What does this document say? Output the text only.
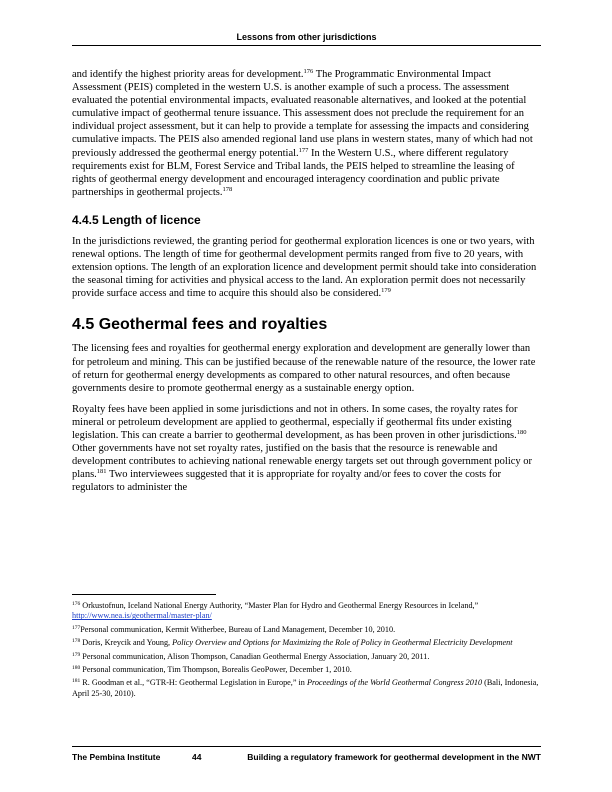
Lessons from other jurisdictions

and identify the highest priority areas for development.$^{176}$ The Programmatic Environmental Impact Assessment (PEIS) completed in the western U.S. is another example of such a process. The assessment evaluated the potential environmental impacts, evaluated reasonable alternatives, and looked at the potential cumulative impact of geothermal tenure issuance. This assessment does not preclude the requirement for an individual project assessment, but it can help to provide a template for assessing the impacts and considering cumulative impacts. The PEIS also amended regional land use plans in western states, many of which had not previously addressed the geothermal energy potential.$^{177}$ In the Western U.S., where different regulatory requirements exist for BLM, Forest Service and Tribal lands, the PEIS helped to streamline the leasing of rights of geothermal energy development and encouraged interagency coordination and public private partnerships in geothermal projects.$^{178}$

4.4.5 Length of licence

In the jurisdictions reviewed, the granting period for geothermal exploration licences is one or two years, with renewal options. The length of time for geothermal development permits ranged from five to 20 years, with extension options. The length of an exploration licence and development permit should take into consideration the seasonal timing for activities and physical access to the land. An exploration permit does not necessarily provide surface access and time to acquire this should also be considered.$^{179}$

4.5 Geothermal fees and royalties

The licensing fees and royalties for geothermal energy exploration and development are generally lower than for petroleum and mining. This can be justified because of the renewable nature of the resource, the lower rate of return for geothermal energy developments as compared to other natural resources, and often because governments desire to promote geothermal energy as a sustainable energy option.

Royalty fees have been applied in some jurisdictions and not in others. In some cases, the royalty rates for mineral or petroleum development are applied to geothermal, especially if geothermal fits under existing legislation. This can create a barrier to geothermal development, as has been proven in other jurisdictions.$^{180}$ Other governments have not set royalty rates, justified on the basis that the resource is renewable and development contributes to achieving national renewable energy targets set out through government policy or plans.$^{181}$ Two interviewees suggested that it is appropriate for royalty and/or fees to cover the costs for regulators to administer the

$^{176}$ Orkustofnun, Iceland National Energy Authority, “Master Plan for Hydro and Geothermal Energy Resources in Iceland,” http://www.nea.is/geothermal/master-plan/

$^{177}$Personal communication, Kermit Witherbee, Bureau of Land Management, December 10, 2010.

$^{178}$ Doris, Kreycik and Young, Policy Overview and Options for Maximizing the Role of Policy in Geothermal Electricity Development

$^{179}$ Personal communication, Alison Thompson, Canadian Geothermal Energy Association, January 20, 2011.

$^{180}$ Personal communication, Tim Thompson, Borealis GeoPower, December 1, 2010.

$^{181}$ R. Goodman et al., “GTR-H: Geothermal Legislation in Europe,” in Proceedings of the World Geothermal Congress 2010 (Bali, Indonesia, April 25-30, 2010).

The Pembina Institute	44	Building a regulatory framework for geothermal development in the NWT
